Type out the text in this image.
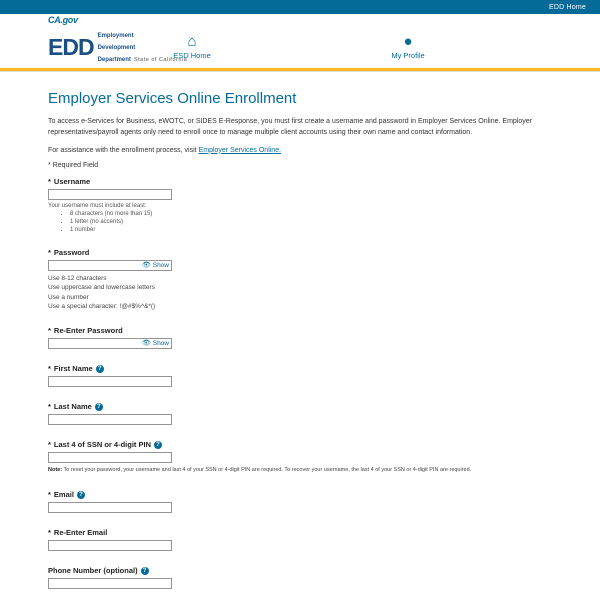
EDD Home
CA.gov
EDD Employment
Development
Department State of California
⌂
ESD Home
●
My Profile
Employer Services Online Enrollment

To access e-Services for Business, eWOTC, or SIDES E-Response, you must first create a username and password in Employer Services Online. Employer representatives/payroll agents only need to enroll once to manage multiple client accounts using their own name and contact information.

For assistance with the enrollment process, visit Employer Services Online.

* Required Field

* Username

Your username must include at least:

• 8 characters (no more than 15)
• 1 letter (no accents)
• 1 number
* Password
👁 Show
Use 8-12 characters
Use uppercase and lowercase letters
Use a number
Use a special character: !@#$%^&*()
* Re-Enter Password
👁 Show
* First Name ?
* Last Name ?
* Last 4 of SSN or 4-digit PIN ?

Note: To reset your password, your username and last 4 of your SSN or 4-digit PIN are required. To recover your username, the last 4 of your SSN or 4-digit PIN are required.

* Email ?
* Re-Enter Email
Phone Number (optional) ?
